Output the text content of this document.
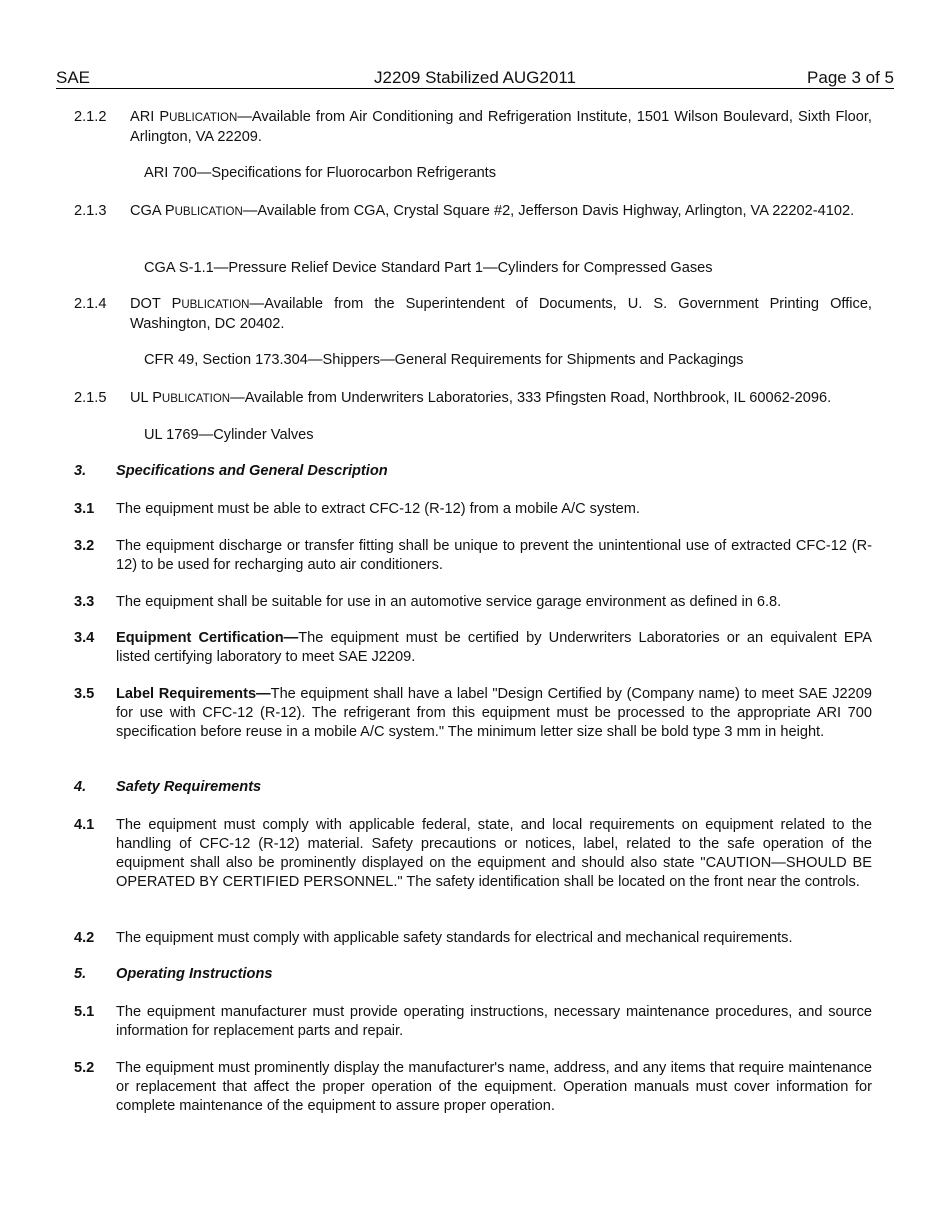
SAE	J2209 Stabilized AUG2011	Page 3 of 5
2.1.2 ARI PUBLICATION—Available from Air Conditioning and Refrigeration Institute, 1501 Wilson Boulevard, Sixth Floor, Arlington, VA 22209.
ARI 700—Specifications for Fluorocarbon Refrigerants
2.1.3 CGA PUBLICATION—Available from CGA, Crystal Square #2, Jefferson Davis Highway, Arlington, VA 22202-4102.
CGA S-1.1—Pressure Relief Device Standard Part 1—Cylinders for Compressed Gases
2.1.4 DOT PUBLICATION—Available from the Superintendent of Documents, U. S. Government Printing Office, Washington, DC 20402.
CFR 49, Section 173.304—Shippers—General Requirements for Shipments and Packagings
2.1.5 UL PUBLICATION—Available from Underwriters Laboratories, 333 Pfingsten Road, Northbrook, IL 60062-2096.
UL 1769—Cylinder Valves
3. Specifications and General Description
3.1 The equipment must be able to extract CFC-12 (R-12) from a mobile A/C system.
3.2 The equipment discharge or transfer fitting shall be unique to prevent the unintentional use of extracted CFC-12 (R-12) to be used for recharging auto air conditioners.
3.3 The equipment shall be suitable for use in an automotive service garage environment as defined in 6.8.
3.4 Equipment Certification—The equipment must be certified by Underwriters Laboratories or an equivalent EPA listed certifying laboratory to meet SAE J2209.
3.5 Label Requirements—The equipment shall have a label "Design Certified by (Company name) to meet SAE J2209 for use with CFC-12 (R-12). The refrigerant from this equipment must be processed to the appropriate ARI 700 specification before reuse in a mobile A/C system." The minimum letter size shall be bold type 3 mm in height.
4. Safety Requirements
4.1 The equipment must comply with applicable federal, state, and local requirements on equipment related to the handling of CFC-12 (R-12) material. Safety precautions or notices, label, related to the safe operation of the equipment shall also be prominently displayed on the equipment and should also state "CAUTION—SHOULD BE OPERATED BY CERTIFIED PERSONNEL." The safety identification shall be located on the front near the controls.
4.2 The equipment must comply with applicable safety standards for electrical and mechanical requirements.
5. Operating Instructions
5.1 The equipment manufacturer must provide operating instructions, necessary maintenance procedures, and source information for replacement parts and repair.
5.2 The equipment must prominently display the manufacturer's name, address, and any items that require maintenance or replacement that affect the proper operation of the equipment. Operation manuals must cover information for complete maintenance of the equipment to assure proper operation.
